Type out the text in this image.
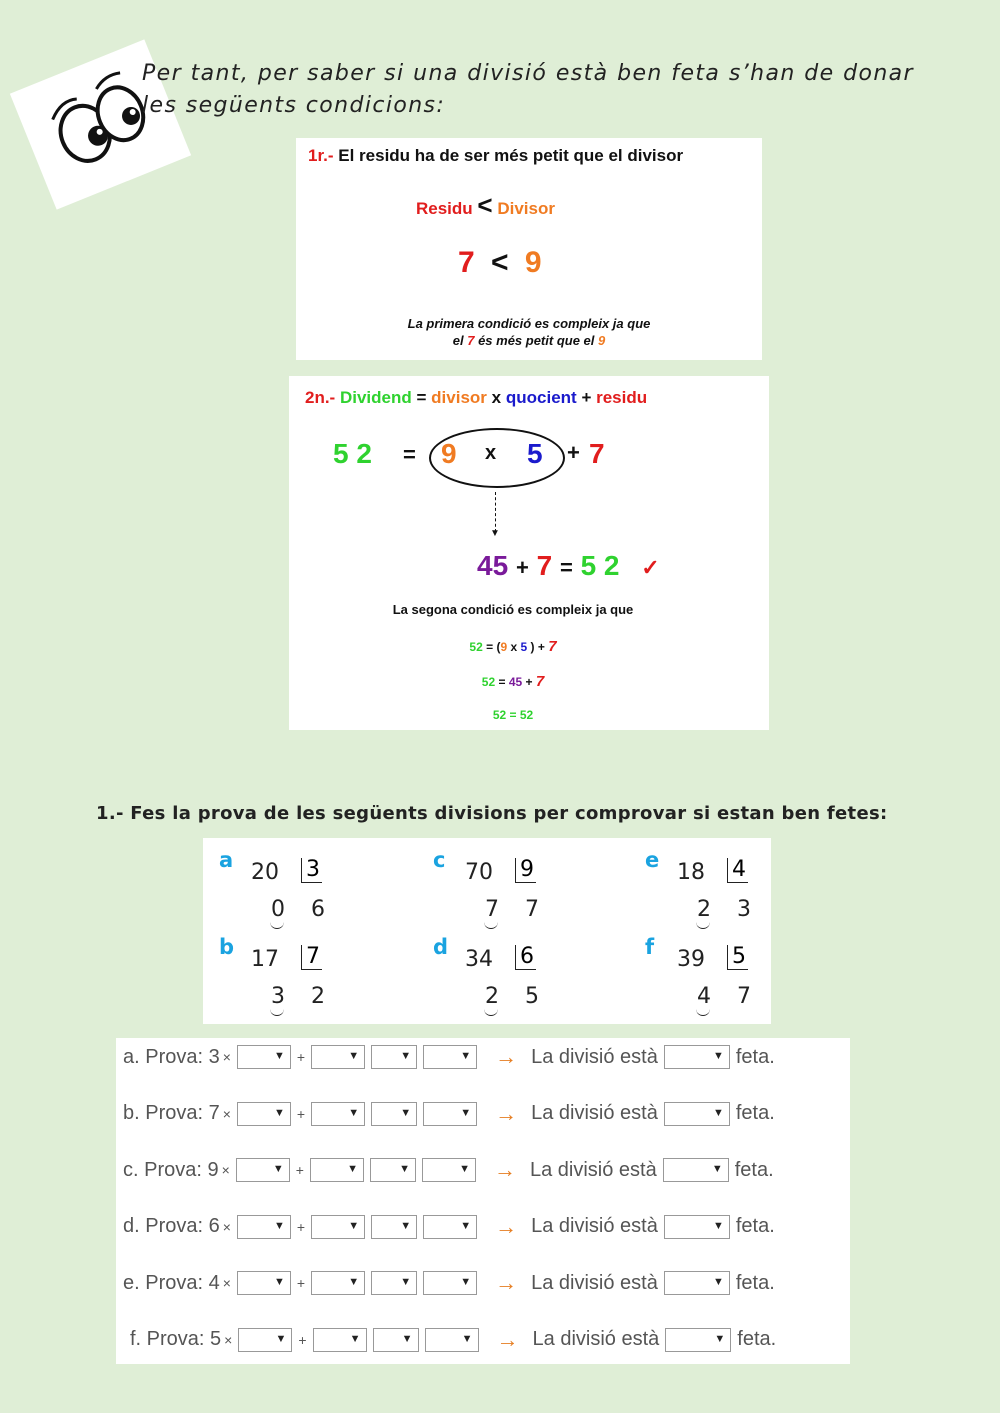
Per tant, per saber si una divisió està ben feta s’han de donar les següents condicions:
1r.- El residu ha de ser més petit que el divisor
Residu < Divisor
7 < 9
La primera condició es compleix ja que
el 7 és més petit que el 9
2n.- Dividend = divisor x quocient + residu
5 2 = 9 x 5 + 7
▼
45 + 7 = 5 2 ✓
La segona condició es compleix ja que
52 = (9 x 5 ) + 7
52 = 45 + 7
52 = 52
1.- Fes la prova de les següents divisions per comprovar si estan ben fetes:
a 20 3
0 6
b 17 7
3 2
c 70 9
7 7
d 34 6
2 5
e 18 4
2 3
f 39 5
4 7
a. Prova: 3 × ▼	+ ▼ ▼ ▼	→ La divisió està ▼	feta.
b. Prova: 7 × ▼	+ ▼ ▼ ▼	→ La divisió està ▼	feta.
c. Prova: 9 × ▼	+ ▼ ▼ ▼	→ La divisió està ▼	feta.
d. Prova: 6 × ▼	+ ▼ ▼ ▼	→ La divisió està ▼	feta.
e. Prova: 4 × ▼	+ ▼ ▼ ▼	→ La divisió està ▼	feta.
f. Prova: 5 × ▼	+ ▼ ▼ ▼	→ La divisió està ▼	feta.
